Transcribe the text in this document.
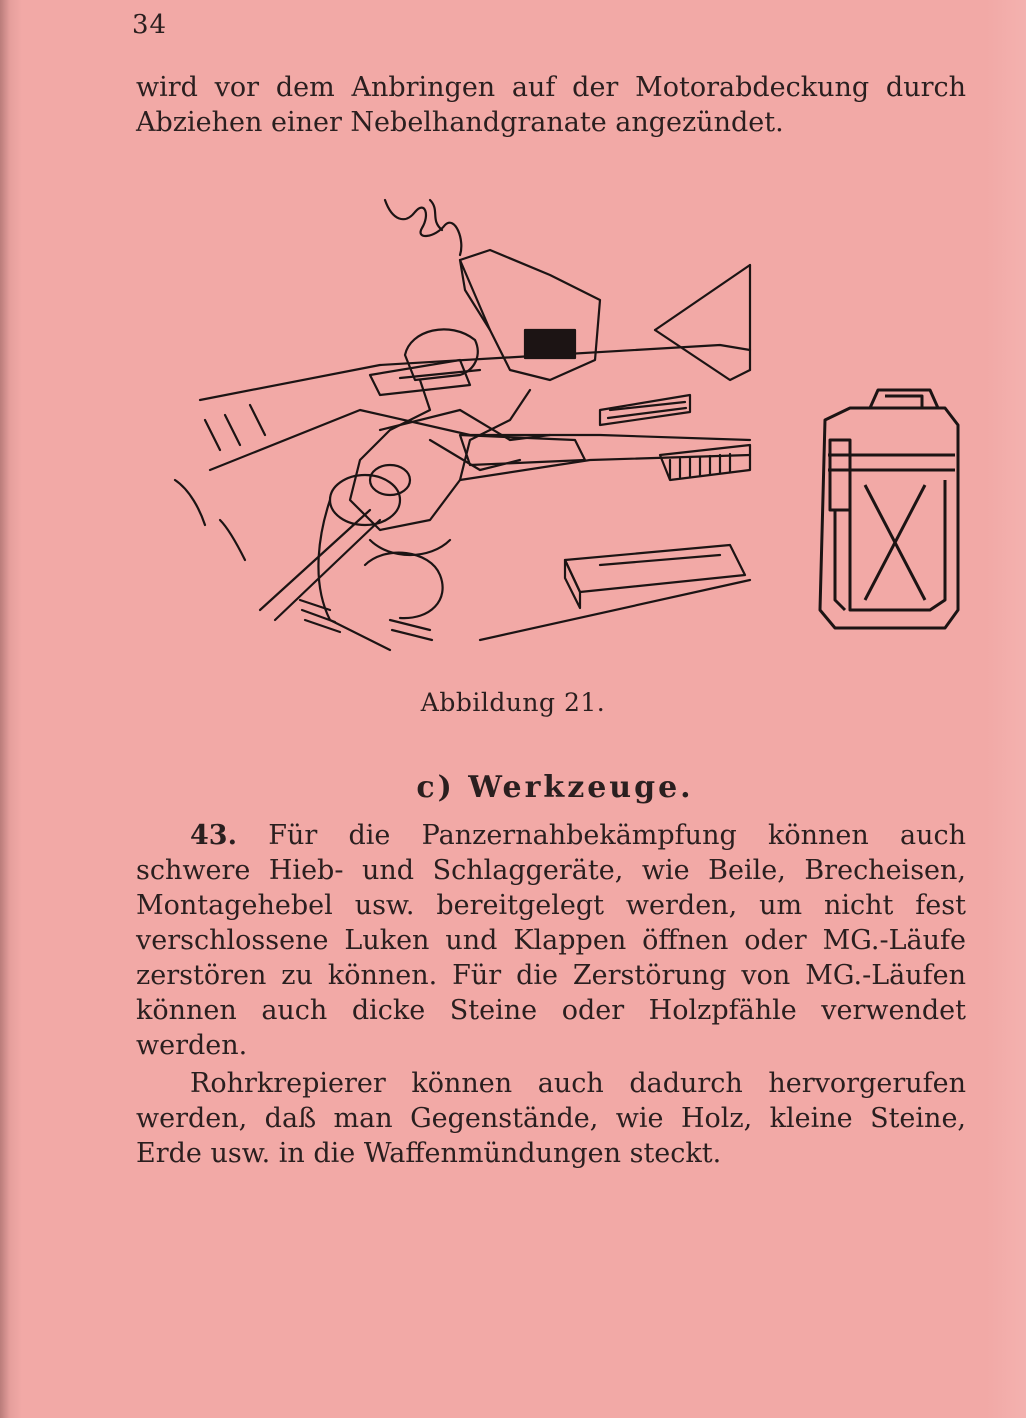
34

wird vor dem Anbringen auf der Motorabdeckung durch Abziehen einer Nebelhandgranate angezündet.

Abbildung 21.
c) Werkzeuge.

43. Für die Panzernahbekämpfung können auch schwere Hieb- und Schlaggeräte, wie Beile, Brecheisen, Montagehebel usw. bereitgelegt werden, um nicht fest verschlossene Luken und Klappen öffnen oder MG.-Läufe zerstören zu können. Für die Zerstörung von MG.-Läufen können auch dicke Steine oder Holzpfähle verwendet werden.

Rohrkrepierer können auch dadurch hervorgerufen werden, daß man Gegenstände, wie Holz, kleine Steine, Erde usw. in die Waffenmündungen steckt.
